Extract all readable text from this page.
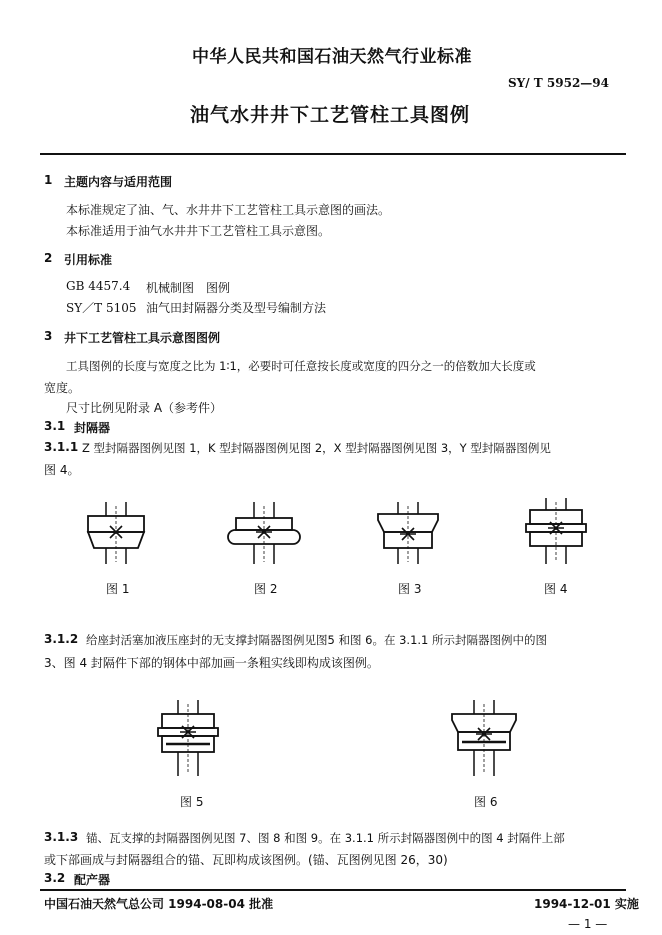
中华人民共和国石油天然气行业标准
SY/ T 5952—94
油气水井井下工艺管柱工具图例
1 主题内容与适用范围
本标准规定了油、气、水井井下工艺管柱工具示意图的画法。
本标准适用于油气水井井下工艺管柱工具示意图。
2 引用标准
GB 4457.4 机械制图　图例
SY／T 5105 油气田封隔器分类及型号编制方法
3 井下工艺管柱工具示意图图例
工具图例的长度与宽度之比为 1∶1，必要时可任意按长度或宽度的四分之一的倍数加大长度或
宽度。
尺寸比例见附录 A（参考件）
3.1 封隔器
3.1.1 Z 型封隔器图例见图 1，K 型封隔器图例见图 2，X 型封隔器图例见图 3，Y 型封隔器图例见
图 4。
图 1	图 2	图 3	图 4
3.1.2 给座封活塞加液压座封的无支撑封隔器图例见图5 和图 6。在 3.1.1 所示封隔器图例中的图
3、图 4 封隔件下部的钢体中部加画一条粗实线即构成该图例。
图 5	图 6
3.1.3 锚、瓦支撑的封隔器图例见图 7、图 8 和图 9。在 3.1.1 所示封隔器图例中的图 4 封隔件上部
或下部画成与封隔器组合的锚、瓦即构成该图例。(锚、瓦图例见图 26，30)
3.2 配产器
中国石油天然气总公司 1994-08-04 批准	1994-12-01 实施
— 1 —
